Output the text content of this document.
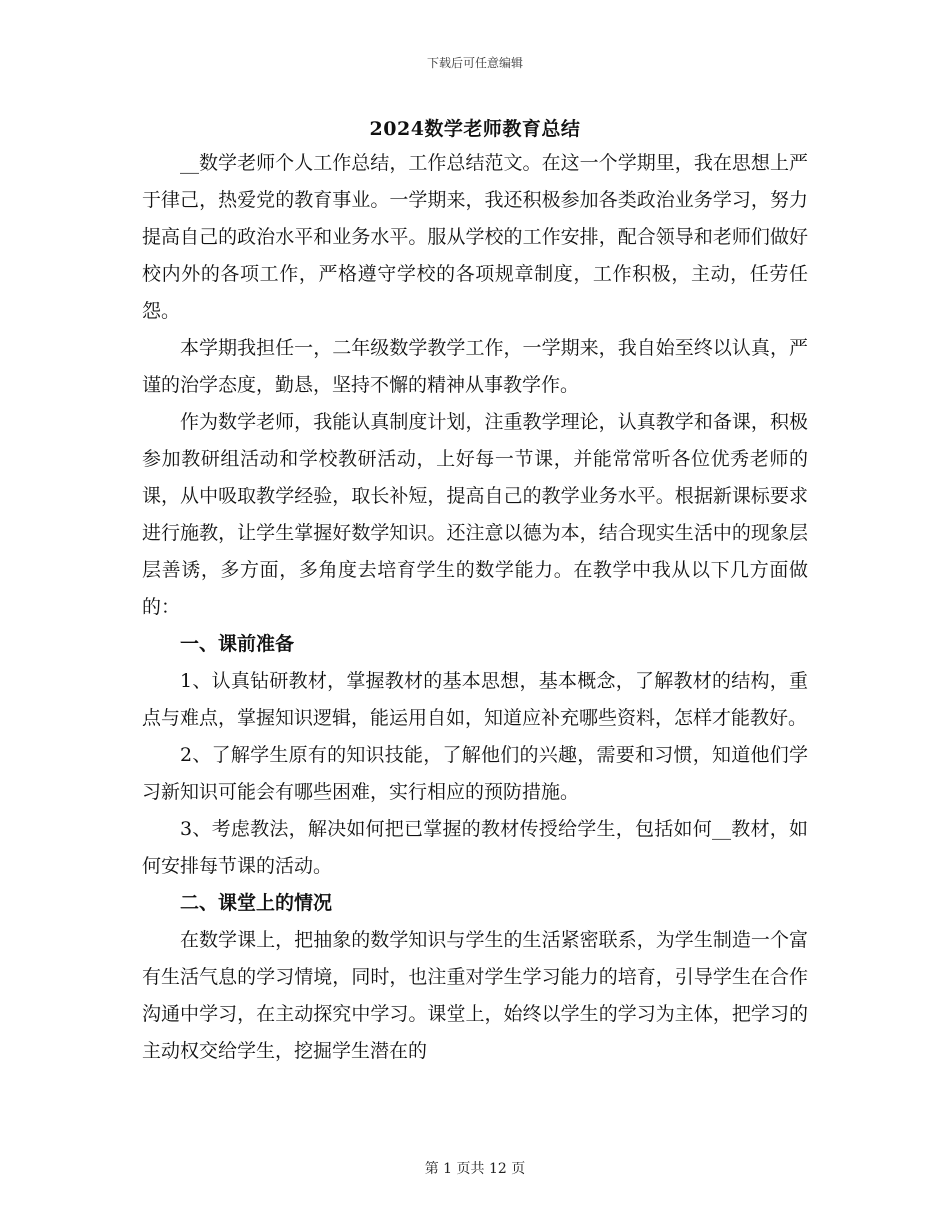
下载后可任意编辑
2024数学老师教育总结

__数学老师个人工作总结，工作总结范文。在这一个学期里，我在思想上严于律己，热爱党的教育事业。一学期来，我还积极参加各类政治业务学习，努力提高自己的政治水平和业务水平。服从学校的工作安排，配合领导和老师们做好校内外的各项工作，严格遵守学校的各项规章制度，工作积极，主动，任劳任怨。

本学期我担任一，二年级数学教学工作，一学期来，我自始至终以认真，严谨的治学态度，勤恳，坚持不懈的精神从事教学作。

作为数学老师，我能认真制度计划，注重教学理论，认真教学和备课，积极参加教研组活动和学校教研活动，上好每一节课，并能常常听各位优秀老师的课，从中吸取教学经验，取长补短，提高自己的教学业务水平。根据新课标要求进行施教，让学生掌握好数学知识。还注意以德为本，结合现实生活中的现象层层善诱，多方面，多角度去培育学生的数学能力。在教学中我从以下几方面做的：

一、课前准备

1、认真钻研教材，掌握教材的基本思想，基本概念，了解教材的结构，重点与难点，掌握知识逻辑，能运用自如，知道应补充哪些资料，怎样才能教好。

2、了解学生原有的知识技能，了解他们的兴趣，需要和习惯，知道他们学习新知识可能会有哪些困难，实行相应的预防措施。

3、考虑教法，解决如何把已掌握的教材传授给学生，包括如何__教材，如何安排每节课的活动。

二、课堂上的情况

在数学课上，把抽象的数学知识与学生的生活紧密联系，为学生制造一个富有生活气息的学习情境，同时，也注重对学生学习能力的培育，引导学生在合作沟通中学习，在主动探究中学习。课堂上，始终以学生的学习为主体，把学习的主动权交给学生，挖掘学生潜在的

第 1 页共 12 页
